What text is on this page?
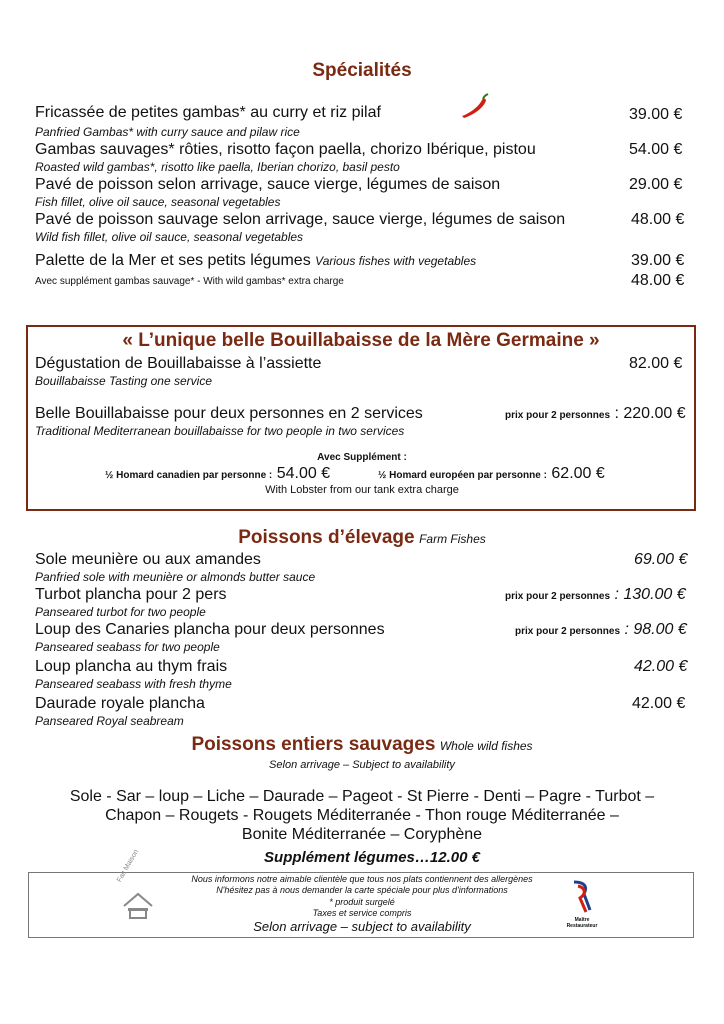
Spécialités
Fricassée de petites gambas* au curry et riz pilaf	39.00 €
Panfried Gambas* with curry sauce and pilaw rice
Gambas sauvages* rôties, risotto façon paella, chorizo Ibérique, pistou	54.00 €
Roasted wild gambas*, risotto like paella, Iberian chorizo, basil pesto
Pavé de poisson selon arrivage, sauce vierge, légumes de saison	29.00 €
Fish fillet, olive oil sauce, seasonal vegetables
Pavé de poisson sauvage selon arrivage, sauce vierge, légumes de saison	48.00 €
Wild fish fillet, olive oil sauce, seasonal vegetables
Palette de la Mer et ses petits légumes Various fishes with vegetables	39.00 €
Avec supplément gambas sauvage* - With wild gambas* extra charge	48.00 €
« L’unique belle Bouillabaisse de la Mère Germaine »
Dégustation de Bouillabaisse à l’assiette	82.00 €
Bouillabaisse Tasting one service
Belle Bouillabaisse pour deux personnes en 2 services	prix pour 2 personnes : 220.00 €
Traditional Mediterranean bouillabaisse for two people in two services
Avec Supplément :
½ Homard canadien par personne : 54.00 €	½ Homard européen par personne : 62.00 €
With Lobster from our tank extra charge
Poissons d’élevage Farm Fishes
Sole meunière ou aux amandes	69.00 €
Panfried sole with meunière or almonds butter sauce
Turbot plancha pour 2 pers	prix pour 2 personnes : 130.00 €
Panseared turbot for two people
Loup des Canaries plancha pour deux personnes	prix pour 2 personnes : 98.00 €
Panseared seabass for two people
Loup plancha au thym frais	42.00 €
Panseared seabass with fresh thyme
Daurade royale plancha	42.00 €
Panseared Royal seabream
Poissons entiers sauvages Whole wild fishes
Selon arrivage – Subject to availability
Sole - Sar – loup – Liche – Daurade – Pageot - St Pierre - Denti – Pagre - Turbot –
Chapon – Rougets - Rougets Méditerranée - Thon rouge Méditerranée –
Bonite Méditerranée – Coryphène
Supplément légumes…12.00 €
Nous informons notre aimable clientèle que tous nos plats contiennent des allergènes
N'hésitez pas à nous demander la carte spéciale pour plus d'informations
* produit surgelé
Taxes et service compris
Selon arrivage – subject to availability
Fait Maison
Maître Restaurateur
